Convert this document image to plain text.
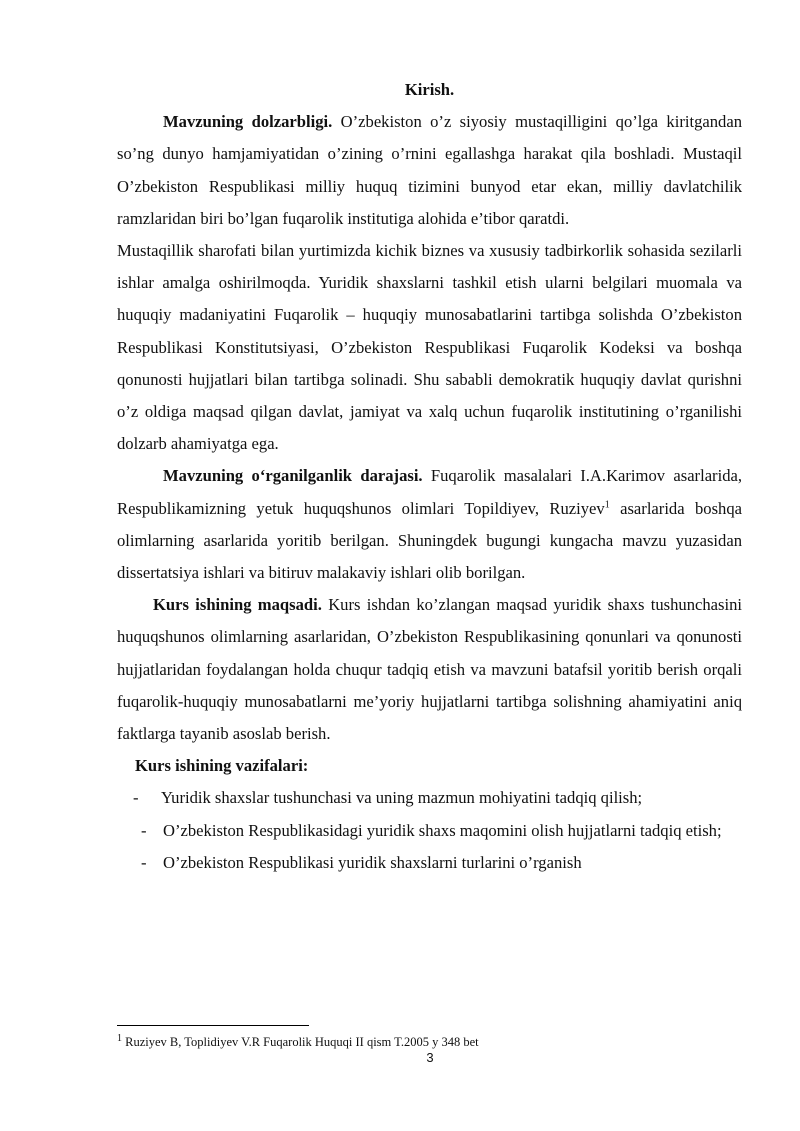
Kirish.

Mavzuning dolzarbligi. O’zbekiston o’z siyosiy mustaqilligini qo’lga kiritgandan so’ng dunyo hamjamiyatidan o’zining o’rnini egallashga harakat qila boshladi. Mustaqil O’zbekiston Respublikasi milliy huquq tizimini bunyod etar ekan, milliy davlatchilik ramzlaridan biri bo’lgan fuqarolik institutiga alohida e’tibor qaratdi.

Mustaqillik sharofati bilan yurtimizda kichik biznes va xususiy tadbirkorlik sohasida sezilarli ishlar amalga oshirilmoqda. Yuridik shaxslarni tashkil etish ularni belgilari muomala va huquqiy madaniyatini Fuqarolik – huquqiy munosabatlarini tartibga solishda O’zbekiston Respublikasi Konstitutsiyasi, O’zbekiston Respublikasi Fuqarolik Kodeksi va boshqa qonunosti hujjatlari bilan tartibga solinadi. Shu sababli demokratik huquqiy davlat qurishni o’z oldiga maqsad qilgan davlat, jamiyat va xalq uchun fuqarolik institutining o’rganilishi dolzarb ahamiyatga ega.

Mavzuning o‘rganilganlik darajasi. Fuqarolik masalalari I.A.Karimov asarlarida, Respublikamizning yetuk huquqshunos olimlari Topildiyev, Ruziyev$^1$ asarlarida boshqa olimlarning asarlarida yoritib berilgan. Shuningdek bugungi kungacha mavzu yuzasidan dissertatsiya ishlari va bitiruv malakaviy ishlari olib borilgan.

Kurs ishining maqsadi. Kurs ishdan ko’zlangan maqsad yuridik shaxs tushunchasini huquqshunos olimlarning asarlaridan, O’zbekiston Respublikasining qonunlari va qonunosti hujjatlaridan foydalangan holda chuqur tadqiq etish va mavzuni batafsil yoritib berish orqali fuqarolik-huquqiy munosabatlarni me’yoriy hujjatlarni tartibga solishning ahamiyatini aniq faktlarga tayanib asoslab berish.

Kurs ishining vazifalari:

- Yuridik shaxslar tushunchasi va uning mazmun mohiyatini tadqiq qilish;
- O’zbekiston Respublikasidagi yuridik shaxs maqomini olish hujjatlarni tadqiq etish;
- O’zbekiston Respublikasi yuridik shaxslarni turlarini o’rganish
$^1$ Ruziyev B, Toplidiyev V.R Fuqarolik Huquqi II qism T.2005 y 348 bet
3
